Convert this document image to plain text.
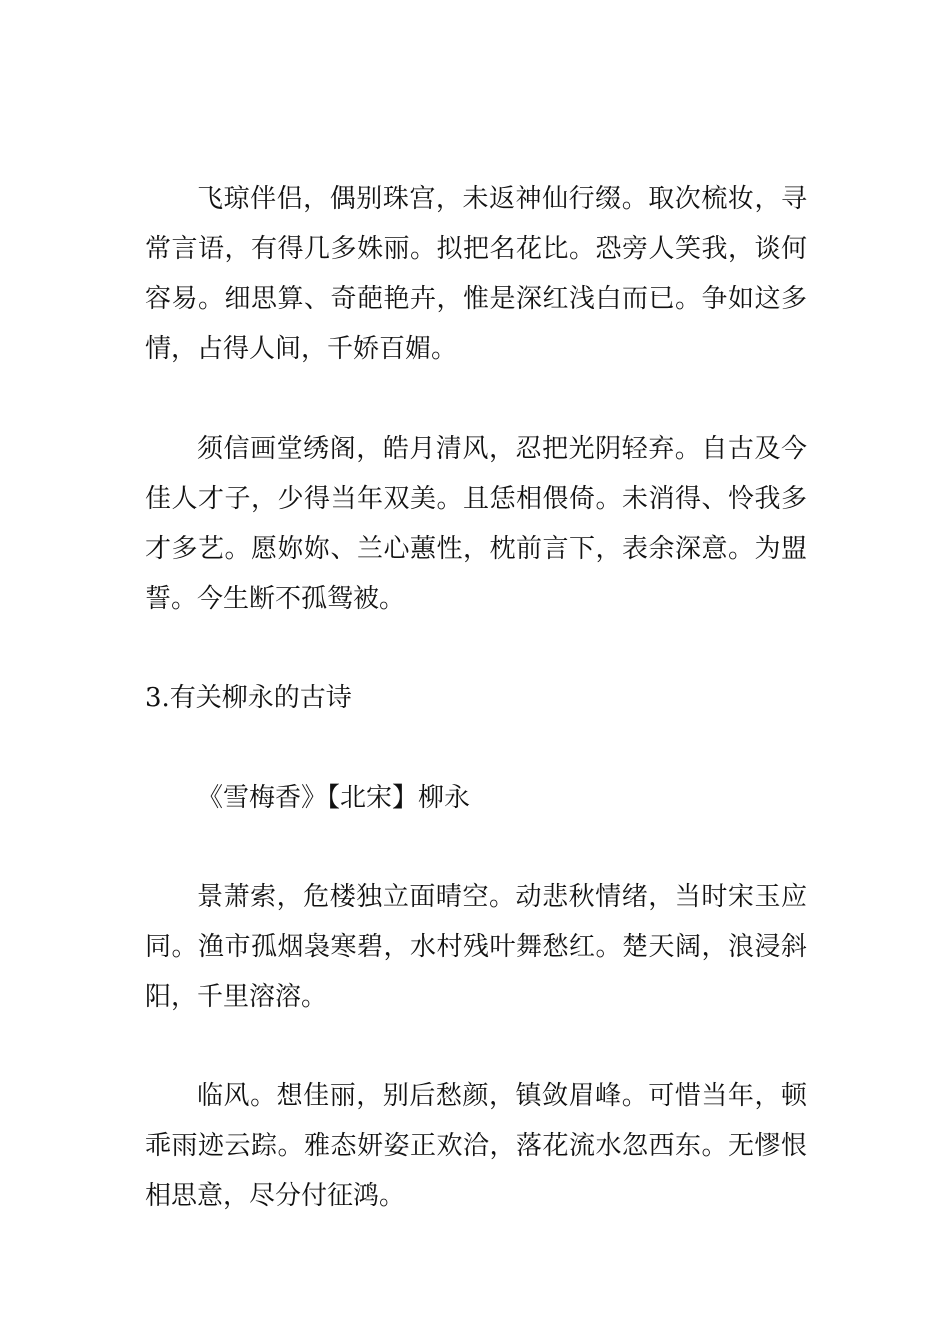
飞琼伴侣，偶别珠宫，未返神仙行缀。取次梳妆，寻常言语，有得几多姝丽。拟把名花比。恐旁人笑我，谈何容易。细思算、奇葩艳卉，惟是深红浅白而已。争如这多情，占得人间，千娇百媚。

须信画堂绣阁，皓月清风，忍把光阴轻弃。自古及今佳人才子，少得当年双美。且恁相偎倚。未消得、怜我多才多艺。愿妳妳、兰心蕙性，枕前言下，表余深意。为盟誓。今生断不孤鸳被。

3.有关柳永的古诗

《雪梅香》【北宋】柳永

景萧索，危楼独立面晴空。动悲秋情绪，当时宋玉应同。渔市孤烟袅寒碧，水村残叶舞愁红。楚天阔，浪浸斜阳，千里溶溶。

临风。想佳丽，别后愁颜，镇敛眉峰。可惜当年，顿乖雨迹云踪。雅态妍姿正欢洽，落花流水忽西东。无憀恨相思意，尽分付征鸿。
